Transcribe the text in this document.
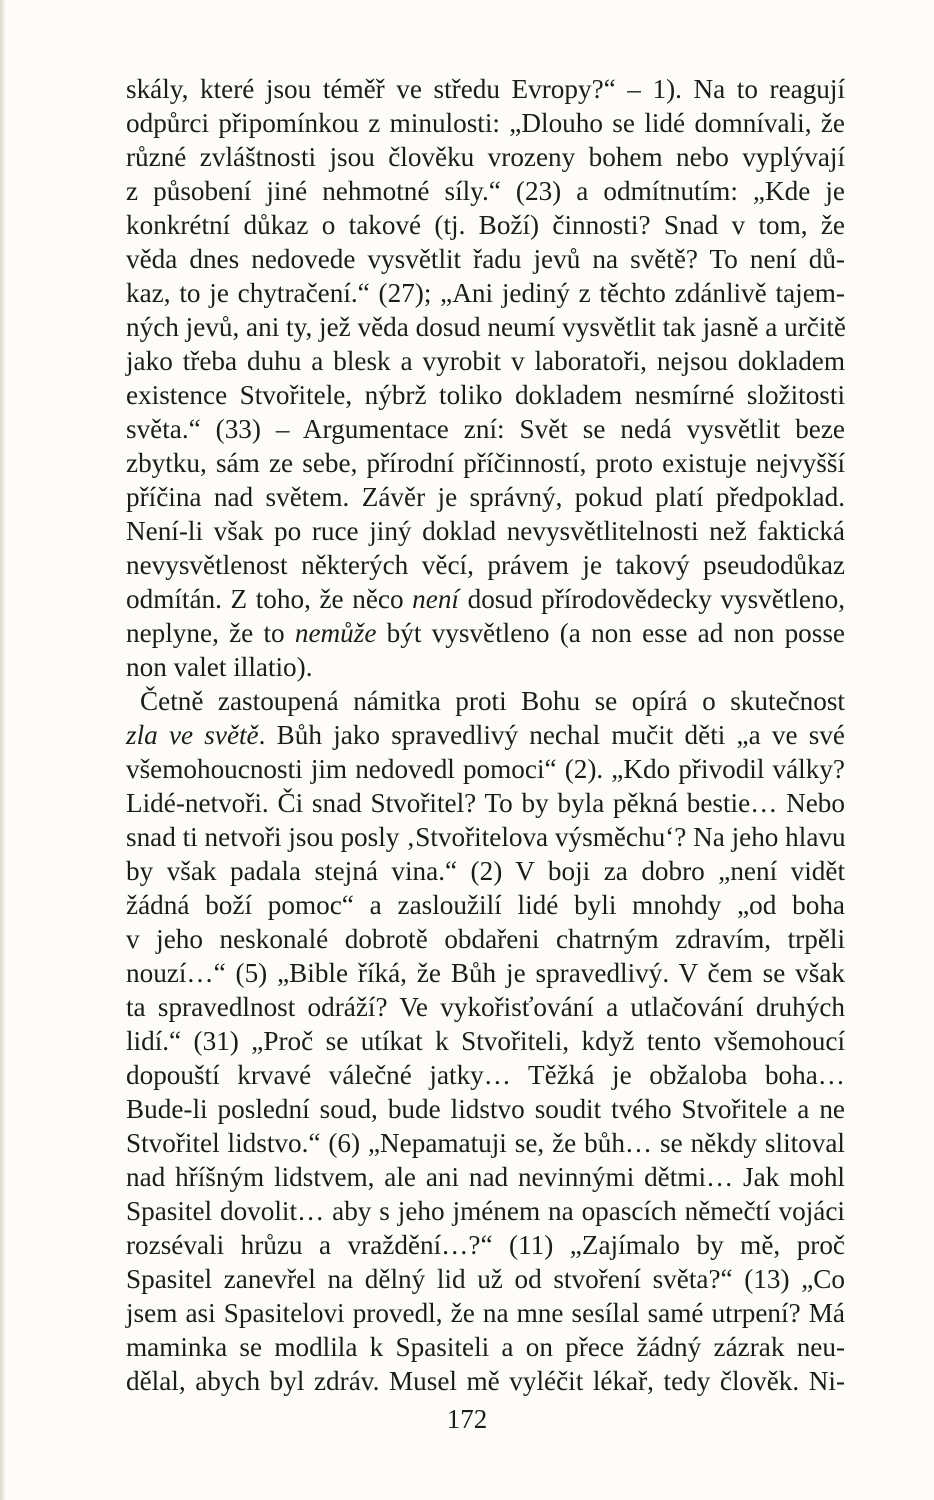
skály, které jsou téměř ve středu Evropy?“ – 1). Na to reagují
odpůrci připomínkou z minulosti: „Dlouho se lidé domnívali, že
různé zvláštnosti jsou člověku vrozeny bohem nebo vyplývají
z působení jiné nehmotné síly.“ (23) a odmítnutím: „Kde je
konkrétní důkaz o takové (tj. Boží) činnosti? Snad v tom, že
věda dnes nedovede vysvětlit řadu jevů na světě? To není dů-
kaz, to je chytračení.“ (27); „Ani jediný z těchto zdánlivě tajem-
ných jevů, ani ty, jež věda dosud neumí vysvětlit tak jasně a určitě
jako třeba duhu a blesk a vyrobit v laboratoři, nejsou dokladem
existence Stvořitele, nýbrž toliko dokladem nesmírné složitosti
světa.“ (33) – Argumentace zní: Svět se nedá vysvětlit beze
zbytku, sám ze sebe, přírodní příčinností, proto existuje nejvyšší
příčina nad světem. Závěr je správný, pokud platí předpoklad.
Není-li však po ruce jiný doklad nevysvětlitelnosti než faktická
nevysvětlenost některých věcí, právem je takový pseudodůkaz
odmítán. Z toho, že něco není dosud přírodovědecky vysvětleno,
neplyne, že to nemůže být vysvětleno (a non esse ad non posse
non valet illatio).

Četně zastoupená námitka proti Bohu se opírá o skutečnost
zla ve světě. Bůh jako spravedlivý nechal mučit děti „a ve své
všemohoucnosti jim nedovedl pomoci“ (2). „Kdo přivodil války?
Lidé-netvoři. Či snad Stvořitel? To by byla pěkná bestie… Nebo
snad ti netvoři jsou posly ‚Stvořitelova výsměchu‘? Na jeho hlavu
by však padala stejná vina.“ (2) V boji za dobro „není vidět
žádná boží pomoc“ a zasloužilí lidé byli mnohdy „od boha
v jeho neskonalé dobrotě obdařeni chatrným zdravím, trpěli
nouzí…“ (5) „Bible říká, že Bůh je spravedlivý. V čem se však
ta spravedlnost odráží? Ve vykořisťování a utlačování druhých
lidí.“ (31) „Proč se utíkat k Stvořiteli, když tento všemohoucí
dopouští krvavé válečné jatky… Těžká je obžaloba boha…
Bude-li poslední soud, bude lidstvo soudit tvého Stvořitele a ne
Stvořitel lidstvo.“ (6) „Nepamatuji se, že bůh… se někdy slitoval
nad hříšným lidstvem, ale ani nad nevinnými dětmi… Jak mohl
Spasitel dovolit… aby s jeho jménem na opascích němečtí vojáci
rozsévali hrůzu a vraždění…?“ (11) „Zajímalo by mě, proč
Spasitel zanevřel na dělný lid už od stvoření světa?“ (13) „Co
jsem asi Spasitelovi provedl, že na mne sesílal samé utrpení? Má
maminka se modlila k Spasiteli a on přece žádný zázrak neu-
dělal, abych byl zdráv. Musel mě vyléčit lékař, tedy člověk. Ni-

172
